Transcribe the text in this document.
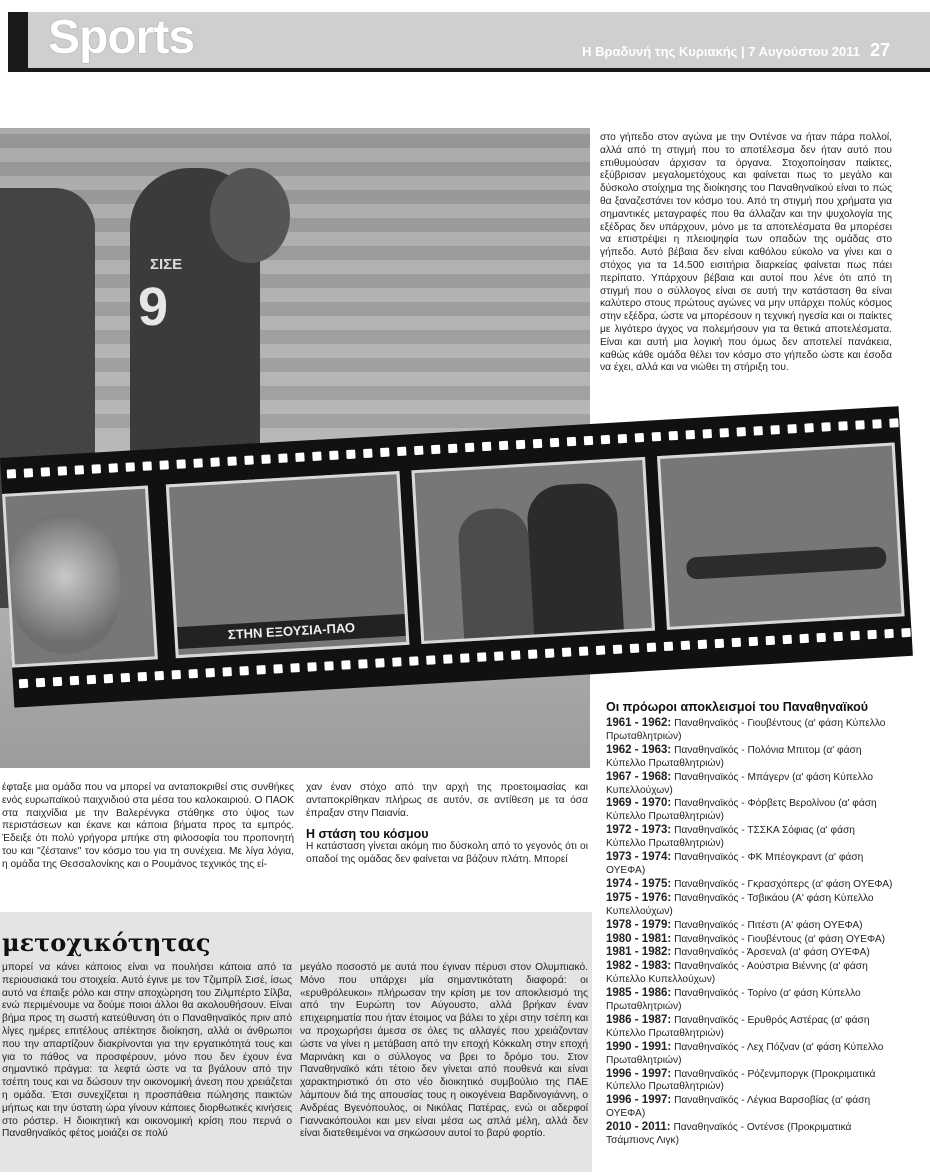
Sports	Η Βραδυνή της Κυριακής | 7 Αυγούστου 2011 27
ΣΙΣΕ
9
ΣΤΗΝ ΕΞΟΥΣΙΑ-ΠΑΟ
στο γήπεδο στον αγώνα με την Οντένσε να ήταν πάρα πολλοί, αλλά από τη στιγμή που το αποτέλεσμα δεν ήταν αυτό που επιθυμούσαν άρχισαν τα όργανα. Στοχοποίησαν παίκτες, εξύβρισαν μεγαλομετόχους και φαίνεται πως το μεγάλο και δύσκολο στοίχημα της διοίκησης του Παναθηναϊκού είναι το πώς θα ξαναζεστάνει τον κόσμο του. Από τη στιγμή που χρήματα για σημαντικές μεταγραφές που θα άλλαζαν και την ψυχολογία της εξέδρας δεν υπάρχουν, μόνο με τα αποτελέσματα θα μπορέσει να επιστρέψει η πλειοψηφία των οπαδών της ομάδας στο γήπεδο. Αυτό βέβαια δεν είναι καθόλου εύκολο να γίνει και ο στόχος για τα 14.500 εισιτήρια διαρκείας φαίνεται πως πάει περίπατο. Υπάρχουν βέβαια και αυτοί που λένε ότι από τη στιγμή που ο σύλλογος είναι σε αυτή την κατάσταση θα είναι καλύτερο στους πρώτους αγώνες να μην υπάρχει πολύς κόσμος στην εξέδρα, ώστε να μπορέσουν η τεχνική ηγεσία και οι παίκτες με λιγότερο άγχος να πολεμήσουν για τα θετικά αποτελέσματα. Είναι και αυτή μια λογική που όμως δεν αποτελεί πανάκεια, καθώς κάθε ομάδα θέλει τον κόσμο στο γήπεδο ώστε και έσοδα να έχει, αλλά και να νιώθει τη στήριξη του.
έφταξε μια ομάδα που να μπορεί να ανταποκριθεί στις συνθήκες ενός ευρωπαϊκού παιχνιδιού στα μέσα του καλοκαιριού. Ο ΠΑΟΚ στα παιχνίδια με την Βαλερένγκα στάθηκε στο ύψος των περιστάσεων και έκανε και κάποια βήματα προς τα εμπρός. Έδειξε ότι πολύ γρήγορα μπήκε στη φιλοσοφία του προπονητή του και "ζέσταινε" τον κόσμο του για τη συνέχεια. Με λίγα λόγια, η ομάδα της Θεσσαλονίκης και ο Ρουμάνος τεχνικός της εί-

χαν έναν στόχο από την αρχή της προετοιμασίας και ανταποκρίθηκαν πλήρως σε αυτόν, σε αντίθεση με τα όσα έπραξαν στην Παιανία.

Η στάση του κόσμου

Η κατάσταση γίνεται ακόμη πιο δύσκολη από το γεγονός ότι οι οπαδοί της ομάδας δεν φαίνεται να βάζουν πλάτη. Μπορεί

μετοχικότητας
μπορεί να κάνει κάποιος είναι να πουλήσει κάποια από τα περιουσιακά του στοιχεία. Αυτό έγινε με τον Τζιμπρίλ Σισέ, ίσως αυτό να έπαιξε ρόλο και στην αποχώρηση του Ζιλμπέρτο Σίλβα, ενώ περιμένουμε να δούμε ποιοι άλλοι θα ακολουθήσουν. Είναι βήμα προς τη σωστή κατεύθυνση ότι ο Παναθηναϊκός πριν από λίγες ημέρες επιτέλους απέκτησε διοίκηση, αλλά οι άνθρωποι που την απαρτίζουν διακρίνονται για την εργατικότητά τους και για το πάθος να προσφέρουν, μόνο που δεν έχουν ένα σημαντικό πράγμα: τα λεφτά ώστε να τα βγάλουν από την τσέπη τους και να δώσουν την οικονομική άνεση που χρειάζεται η ομάδα. Έτσι συνεχίζεται η προσπάθεια πώλησης παικτών μήπως και την ύστατη ώρα γίνουν κάποιες διορθωτικές κινήσεις στο ρόστερ. Η διοικητική και οικονομική κρίση που περνά ο Παναθηναϊκός φέτος μοιάζει σε πολύ
μεγάλο ποσοστό με αυτά που έγιναν πέρυσι στον Ολυμπιακό. Μόνο που υπάρχει μία σημαντικότατη διαφορά: οι «ερυθρόλευκοι» πλήρωσαν την κρίση με τον αποκλεισμό της από την Ευρώπη τον Αύγουστο, αλλά βρήκαν έναν επιχειρηματία που ήταν έτοιμος να βάλει το χέρι στην τσέπη και να προχωρήσει άμεσα σε όλες τις αλλαγές που χρειάζονταν ώστε να γίνει η μετάβαση από την εποχή Κόκκαλη στην εποχή Μαρινάκη και ο σύλλογος να βρει το δρόμο του. Στον Παναθηναϊκό κάτι τέτοιο δεν γίνεται από πουθενά και είναι χαρακτηριστικό ότι στο νέο διοικητικό συμβούλιο της ΠΑΕ λάμπουν διά της απουσίας τους η οικογένεια Βαρδινογιάννη, ο Ανδρέας Βγενόπουλος, οι Νικόλας Πατέρας, ενώ οι αδερφοί Γιαννακόπουλοι και μεν είναι μέσα ως απλά μέλη, αλλά δεν είναι διατεθειμένοι να σηκώσουν αυτοί το βαρύ φορτίο.
Οι πρόωροι αποκλεισμοί του Παναθηναϊκού
1961 - 1962: Παναθηναϊκός - Γιουβέντους (α' φάση Κύπελλο Πρωταθλητριών)
1962 - 1963: Παναθηναϊκός - Πολόνια Μπιτομ (α' φάση Κύπελλο Πρωταθλητριών)
1967 - 1968: Παναθηναϊκός - Μπάγερν (α' φάση Κύπελλο Κυπελλούχων)
1969 - 1970: Παναθηναϊκός - Φόρβετς Βερολίνου (α' φάση Κύπελλο Πρωταθλητριών)
1972 - 1973: Παναθηναϊκός - ΤΣΣΚΑ Σόφιας (α' φάση Κύπελλο Πρωταθλητριών)
1973 - 1974: Παναθηναϊκός - ΦΚ Μπέογκραντ (α' φάση ΟΥΕΦΑ)
1974 - 1975: Παναθηναϊκός - Γκρασχόπερς (α' φάση ΟΥΕΦΑ)
1975 - 1976: Παναθηναϊκός - Τσβικάου (Α' φάση Κύπελλο Κυπελλούχων)
1978 - 1979: Παναθηναϊκός - Πιτέστι (Α' φάση ΟΥΕΦΑ)
1980 - 1981: Παναθηναϊκός - Γιουβέντους (α' φάση ΟΥΕΦΑ)
1981 - 1982: Παναθηναϊκός - Άρσεναλ (α' φάση ΟΥΕΦΑ)
1982 - 1983: Παναθηναϊκός - Αούστρια Βιέννης (α' φάση Κύπελλο Κυπελλούχων)
1985 - 1986: Παναθηναϊκός - Τορίνο (α' φάση Κύπελλο Πρωταθλητριών)
1986 - 1987: Παναθηναϊκός - Ερυθρός Αστέρας (α' φάση Κύπελλο Πρωταθλητριών)
1990 - 1991: Παναθηναϊκός - Λεχ Πόζναν (α' φάση Κύπελλο Πρωταθλητριών)
1996 - 1997: Παναθηναϊκός - Ρόζενμποργκ (Προκριματικά Κύπελλο Πρωταθλητριών)
1996 - 1997: Παναθηναϊκός - Λέγκια Βαρσοβίας (α' φάση ΟΥΕΦΑ)
2010 - 2011: Παναθηναϊκός - Οντένσε (Προκριματικά Τσάμπιονς Λιγκ)
